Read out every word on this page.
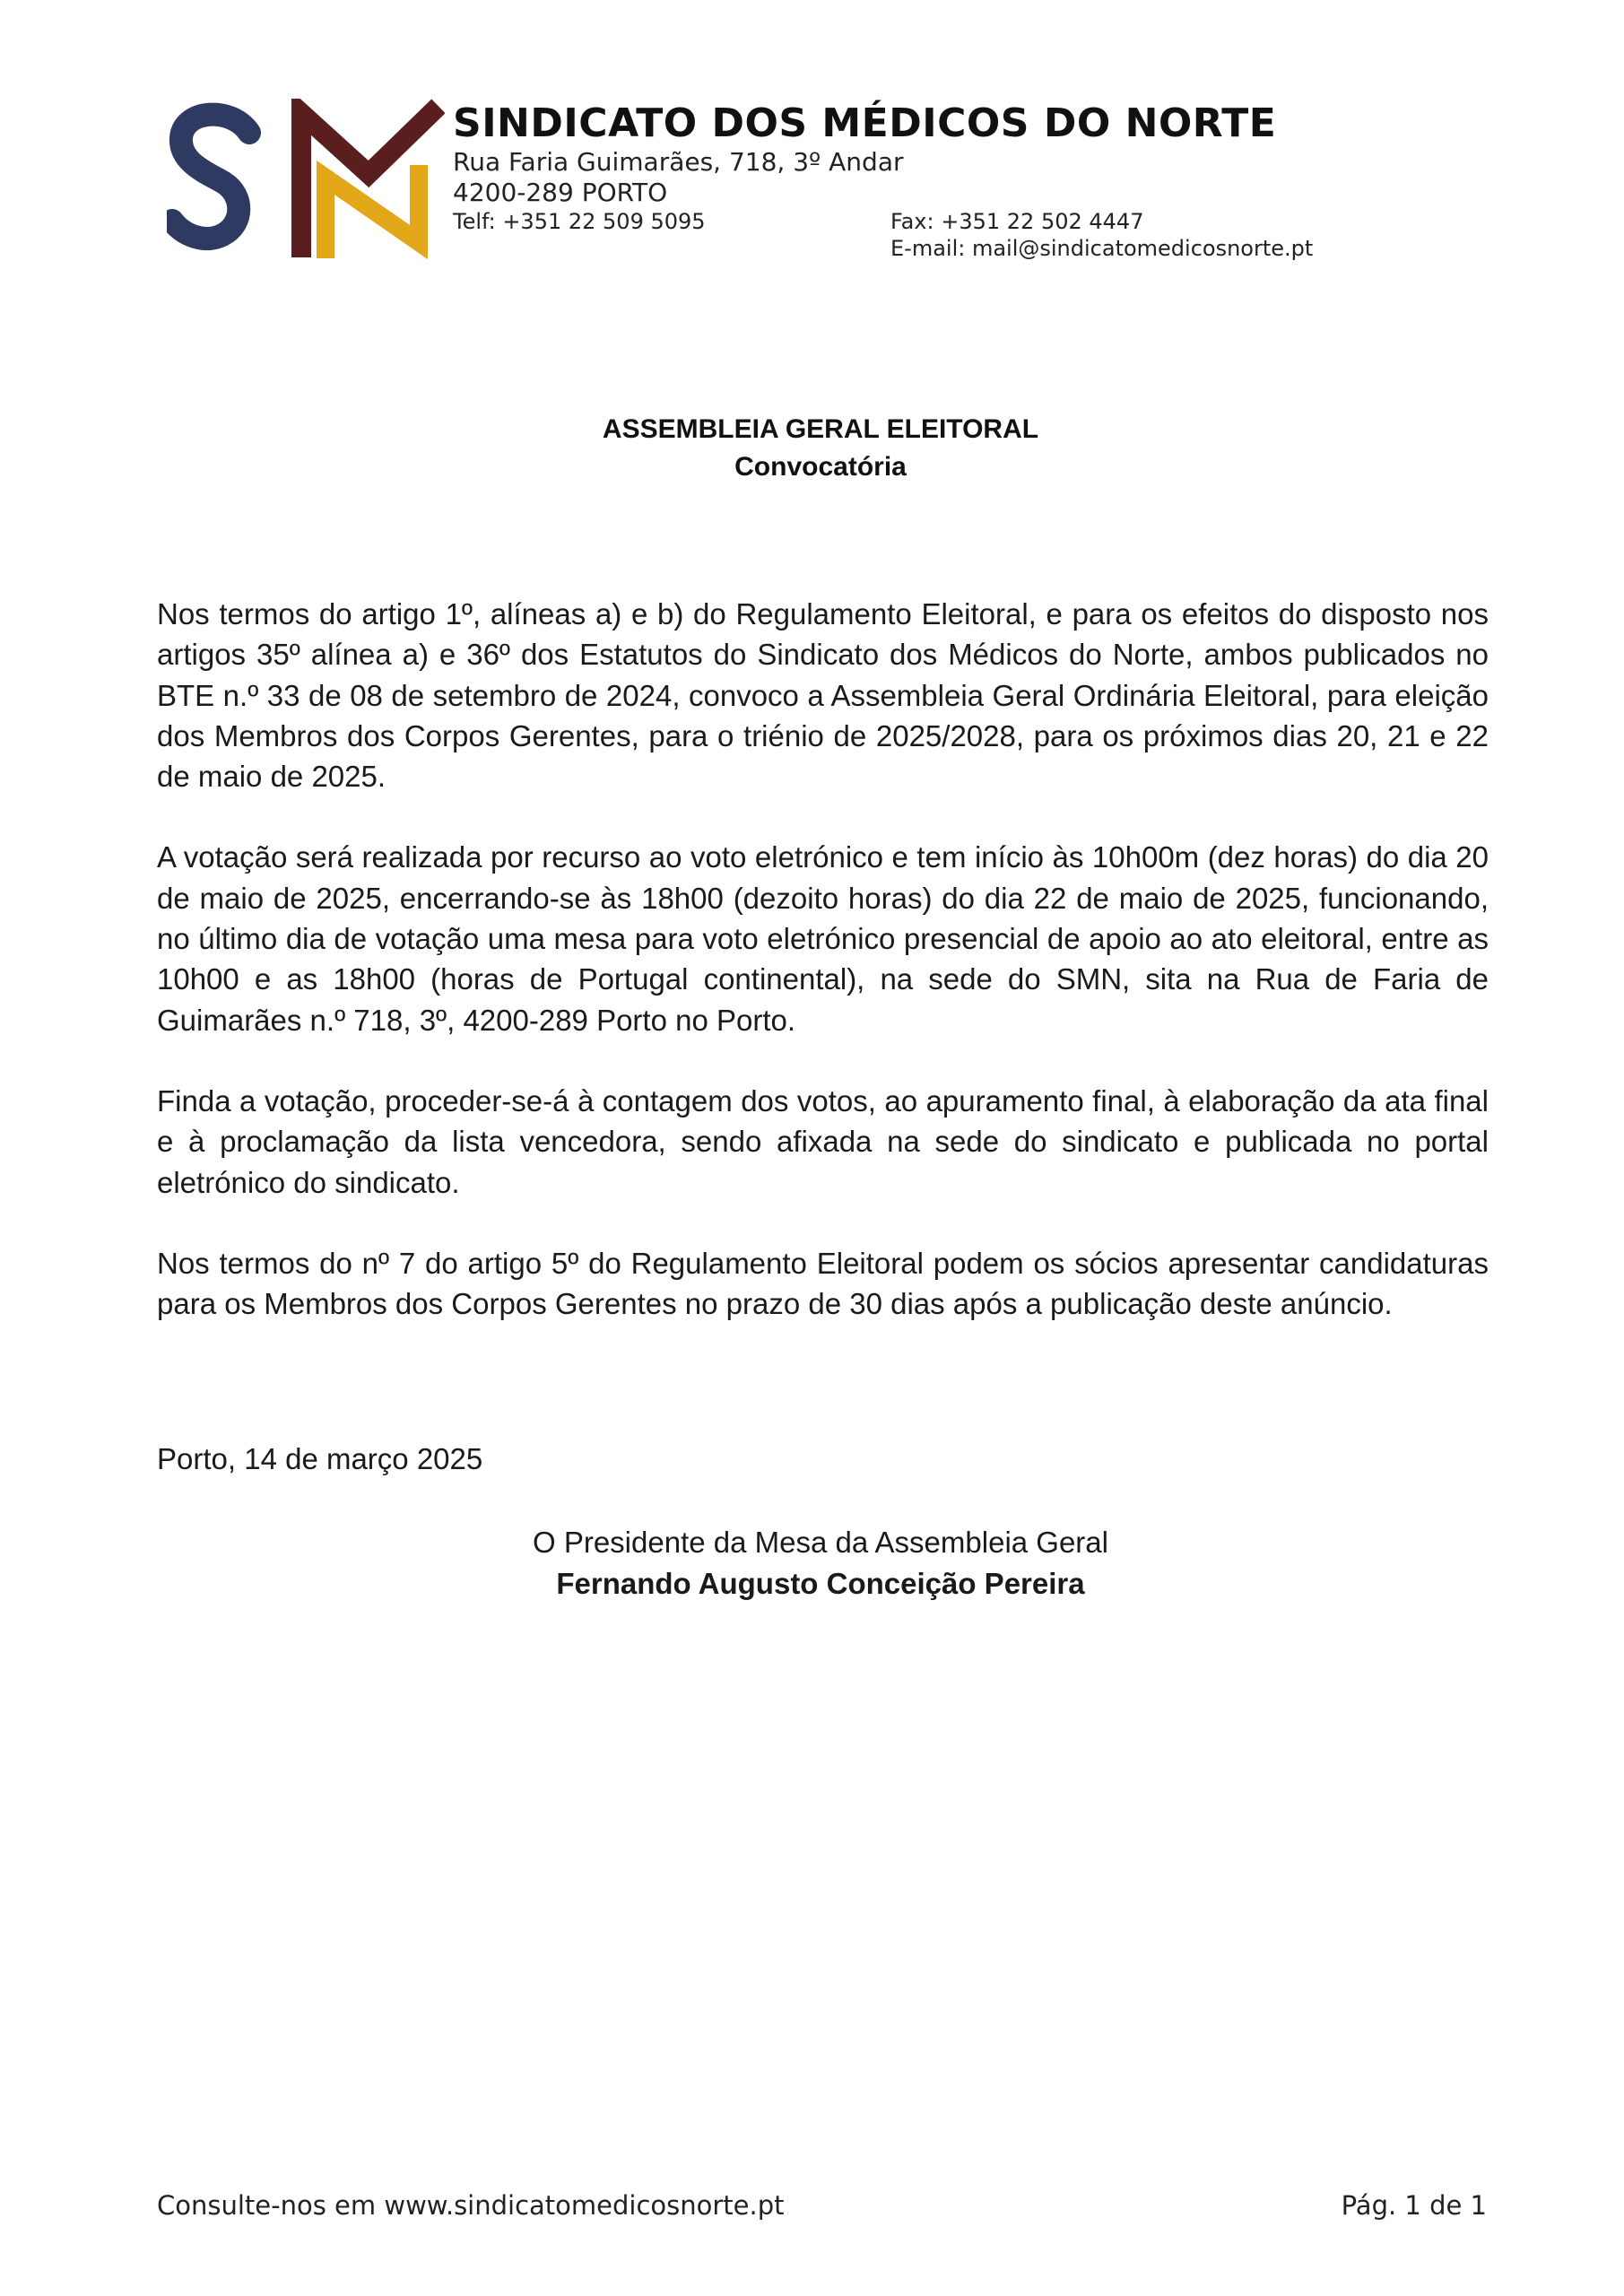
SINDICATO DOS MÉDICOS DO NORTE
Rua Faria Guimarães, 718, 3º Andar
4200-289 PORTO
Telf: +351 22 509 5095	Fax: +351 22 502 4447
E-mail: mail@sindicatomedicosnorte.pt
ASSEMBLEIA GERAL ELEITORAL
Convocatória

Nos termos do artigo 1º, alíneas a) e b) do Regulamento Eleitoral, e para os efeitos do disposto nos artigos 35º alínea a) e 36º dos Estatutos do Sindicato dos Médicos do Norte, ambos publicados no BTE n.º 33 de 08 de setembro de 2024, convoco a Assembleia Geral Ordinária Eleitoral, para eleição dos Membros dos Corpos Gerentes, para o triénio de 2025/2028, para os próximos dias 20, 21 e 22 de maio de 2025.

A votação será realizada por recurso ao voto eletrónico e tem início às 10h00m (dez horas) do dia 20 de maio de 2025, encerrando-se às 18h00 (dezoito horas) do dia 22 de maio de 2025, funcionando, no último dia de votação uma mesa para voto eletrónico presencial de apoio ao ato eleitoral, entre as 10h00 e as 18h00 (horas de Portugal continental), na sede do SMN, sita na Rua de Faria de Guimarães n.º 718, 3º, 4200-289 Porto no Porto.

Finda a votação, proceder-se-á à contagem dos votos, ao apuramento final, à elaboração da ata final e à proclamação da lista vencedora, sendo afixada na sede do sindicato e publicada no portal eletrónico do sindicato.

Nos termos do nº 7 do artigo 5º do Regulamento Eleitoral podem os sócios apresentar candidaturas para os Membros dos Corpos Gerentes no prazo de 30 dias após a publicação deste anúncio.

Porto, 14 de março 2025
O Presidente da Mesa da Assembleia Geral
Fernando Augusto Conceição Pereira
Consulte-nos em www.sindicatomedicosnorte.pt	Pág. 1 de 1
